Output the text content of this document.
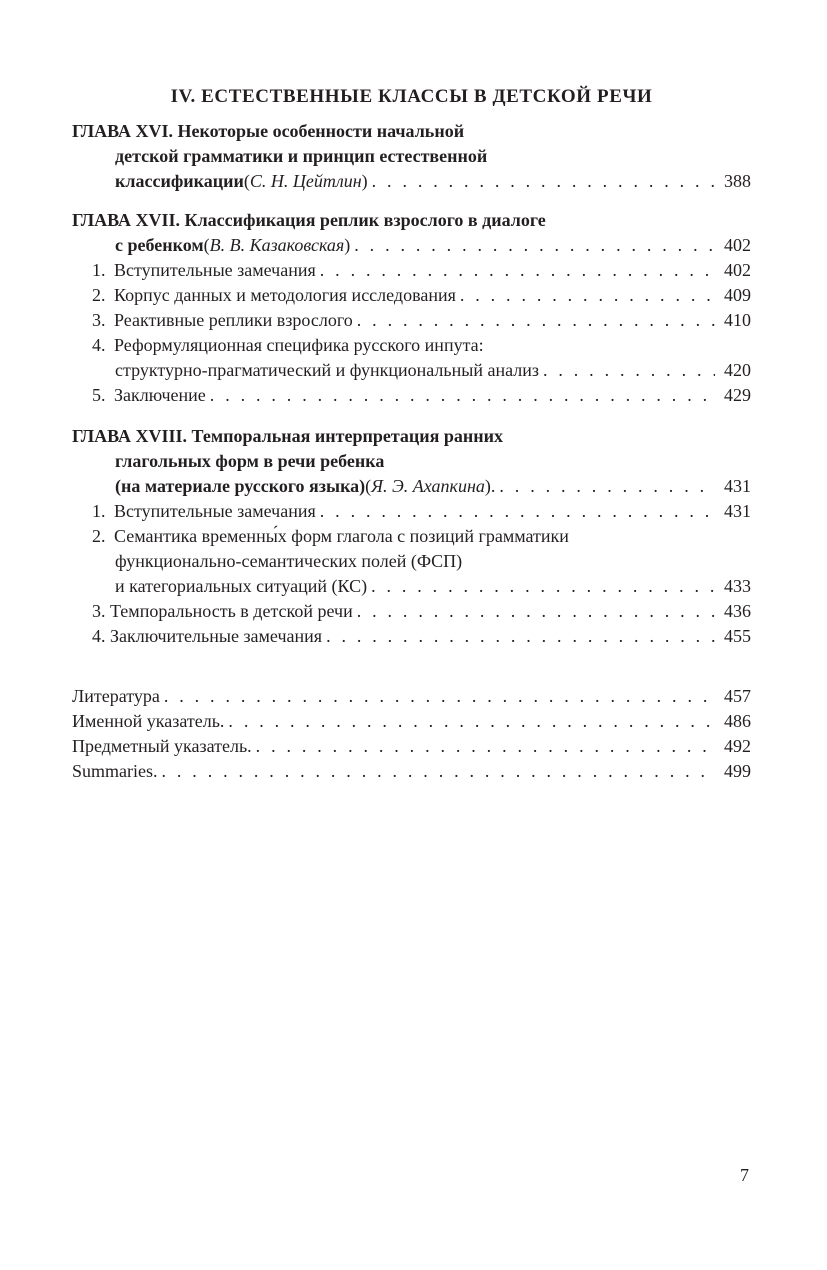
IV. ЕСТЕСТВЕННЫЕ КЛАССЫ В ДЕТСКОЙ РЕЧИ
ГЛАВА XVI. Некоторые особенности начальной
детской грамматики и принцип естественной
классификации ( С. Н. Цейтлин ) . . .	388
ГЛАВА XVII. Классификация реплик взрослого в диалоге
с ребенком ( В. В. Казаковская ) . . .	402
1. Вступительные замечания . . .	402
2. Корпус данных и методология исследования . . .	409
3. Реактивные реплики взрослого . . .	410
4. Реформуляционная специфика русского инпута:
структурно-прагматический и функциональный анализ . . .	420
5. Заключение . . .	429
ГЛАВА XVIII. Темпоральная интерпретация ранних
глагольных форм в речи ребенка
(на материале русского языка) ( Я. Э. Ахапкина ). . . .	431
1. Вступительные замечания . . .	431
2. Семантика временны́х форм глагола с позиций грамматики
функционально-семантических полей (ФСП)
и категориальных ситуаций (КС) . . .	433
3. Темпоральность в детской речи . . .	436
4. Заключительные замечания . . .	455
Литература . . .	457
Именной указатель. . . .	486
Предметный указатель. . . .	492
Summaries. . . .	499
7
